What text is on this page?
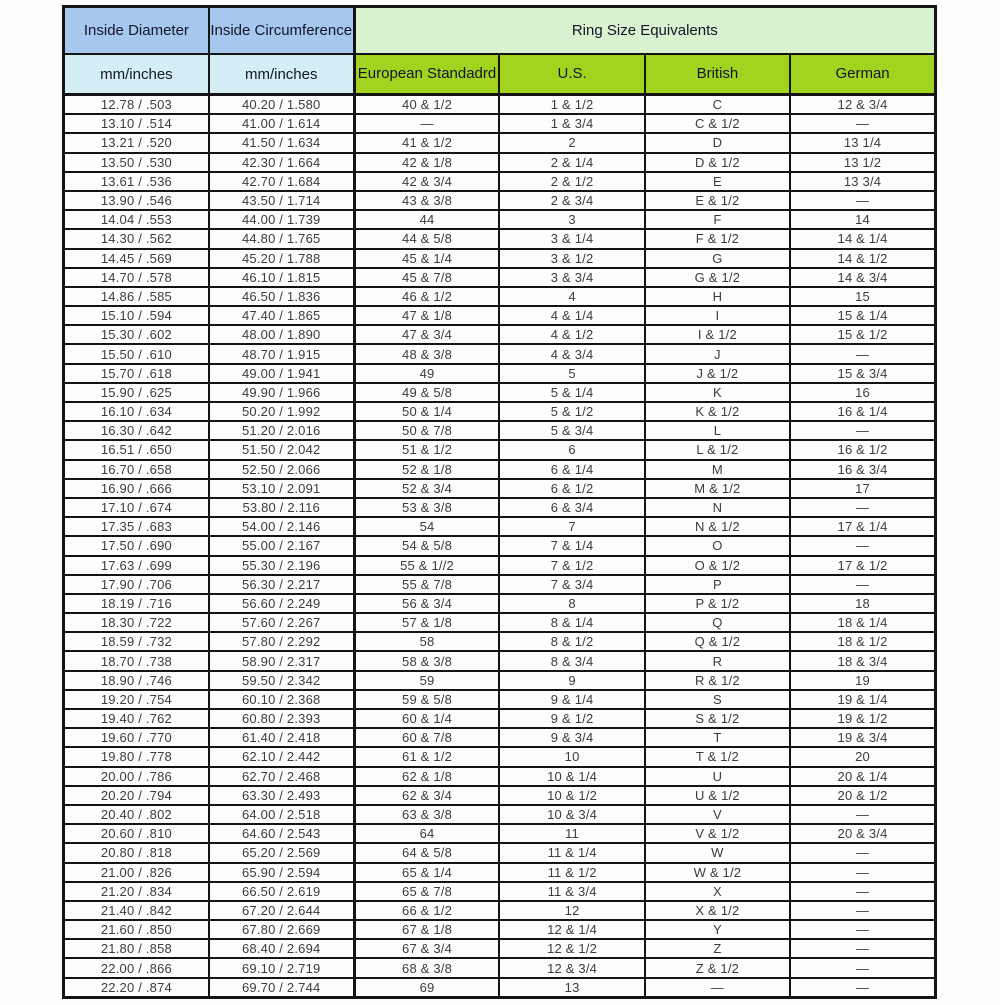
Inside Diameter	Inside Circumference	Ring Size Equivalents			
mm/inches	mm/inches	European Standadrd	U.S.	British	German
12.78 / .503	40.20 / 1.580	40 & 1/2	1 & 1/2	C	12 & 3/4
13.10 / .514	41.00 / 1.614	—	1 & 3/4	C & 1/2	—
13.21 / .520	41.50 / 1.634	41 & 1/2	2	D	13 1/4
13.50 / .530	42.30 / 1.664	42 & 1/8	2 & 1/4	D & 1/2	13 1/2
13.61 / .536	42.70 / 1.684	42 & 3/4	2 & 1/2	E	13 3/4
13.90 / .546	43.50 / 1.714	43 & 3/8	2 & 3/4	E & 1/2	—
14.04 / .553	44.00 / 1.739	44	3	F	14
14.30 / .562	44.80 / 1.765	44 & 5/8	3 & 1/4	F & 1/2	14 & 1/4
14.45 / .569	45.20 / 1.788	45 & 1/4	3 & 1/2	G	14 & 1/2
14.70 / .578	46.10 / 1.815	45 & 7/8	3 & 3/4	G & 1/2	14 & 3/4
14.86 / .585	46.50 / 1.836	46 & 1/2	4	H	15
15.10 / .594	47.40 / 1.865	47 & 1/8	4 & 1/4	I	15 & 1/4
15.30 / .602	48.00 / 1.890	47 & 3/4	4 & 1/2	I & 1/2	15 & 1/2
15.50 / .610	48.70 / 1.915	48 & 3/8	4 & 3/4	J	—
15.70 / .618	49.00 / 1.941	49	5	J & 1/2	15 & 3/4
15.90 / .625	49.90 / 1.966	49 & 5/8	5 & 1/4	K	16
16.10 / .634	50.20 / 1.992	50 & 1/4	5 & 1/2	K & 1/2	16 & 1/4
16.30 / .642	51.20 / 2.016	50 & 7/8	5 & 3/4	L	—
16.51 / .650	51.50 / 2.042	51 & 1/2	6	L & 1/2	16 & 1/2
16.70 / .658	52.50 / 2.066	52 & 1/8	6 & 1/4	M	16 & 3/4
16.90 / .666	53.10 / 2.091	52 & 3/4	6 & 1/2	M & 1/2	17
17.10 / .674	53.80 / 2.116	53 & 3/8	6 & 3/4	N	—
17.35 / .683	54.00 / 2.146	54	7	N & 1/2	17 & 1/4
17.50 / .690	55.00 / 2.167	54 & 5/8	7 & 1/4	O	—
17.63 / .699	55.30 / 2.196	55 & 1//2	7 & 1/2	O & 1/2	17 & 1/2
17.90 / .706	56.30 / 2.217	55 & 7/8	7 & 3/4	P	—
18.19 / .716	56.60 / 2.249	56 & 3/4	8	P & 1/2	18
18.30 / .722	57.60 / 2.267	57 & 1/8	8 & 1/4	Q	18 & 1/4
18.59 / .732	57.80 / 2.292	58	8 & 1/2	Q & 1/2	18 & 1/2
18.70 / .738	58.90 / 2.317	58 & 3/8	8 & 3/4	R	18 & 3/4
18.90 / .746	59.50 / 2.342	59	9	R & 1/2	19
19.20 / .754	60.10 / 2.368	59 & 5/8	9 & 1/4	S	19 & 1/4
19.40 / .762	60.80 / 2.393	60 & 1/4	9 & 1/2	S & 1/2	19 & 1/2
19.60 / .770	61.40 / 2.418	60 & 7/8	9 & 3/4	T	19 & 3/4
19.80 / .778	62.10 / 2.442	61 & 1/2	10	T & 1/2	20
20.00 / .786	62.70 / 2.468	62 & 1/8	10 & 1/4	U	20 & 1/4
20.20 / .794	63.30 / 2.493	62 & 3/4	10 & 1/2	U & 1/2	20 & 1/2
20.40 / .802	64.00 / 2.518	63 & 3/8	10 & 3/4	V	—
20.60 / .810	64.60 / 2.543	64	11	V & 1/2	20 & 3/4
20.80 / .818	65.20 / 2.569	64 & 5/8	11 & 1/4	W	—
21.00 / .826	65.90 / 2.594	65 & 1/4	11 & 1/2	W & 1/2	—
21.20 / .834	66.50 / 2.619	65 & 7/8	11 & 3/4	X	—
21.40 / .842	67.20 / 2.644	66 & 1/2	12	X & 1/2	—
21.60 / .850	67.80 / 2.669	67 & 1/8	12 & 1/4	Y	—
21.80 / .858	68.40 / 2.694	67 & 3/4	12 & 1/2	Z	—
22.00 / .866	69.10 / 2.719	68 & 3/8	12 & 3/4	Z & 1/2	—
22.20 / .874	69.70 / 2.744	69	13	—	—
